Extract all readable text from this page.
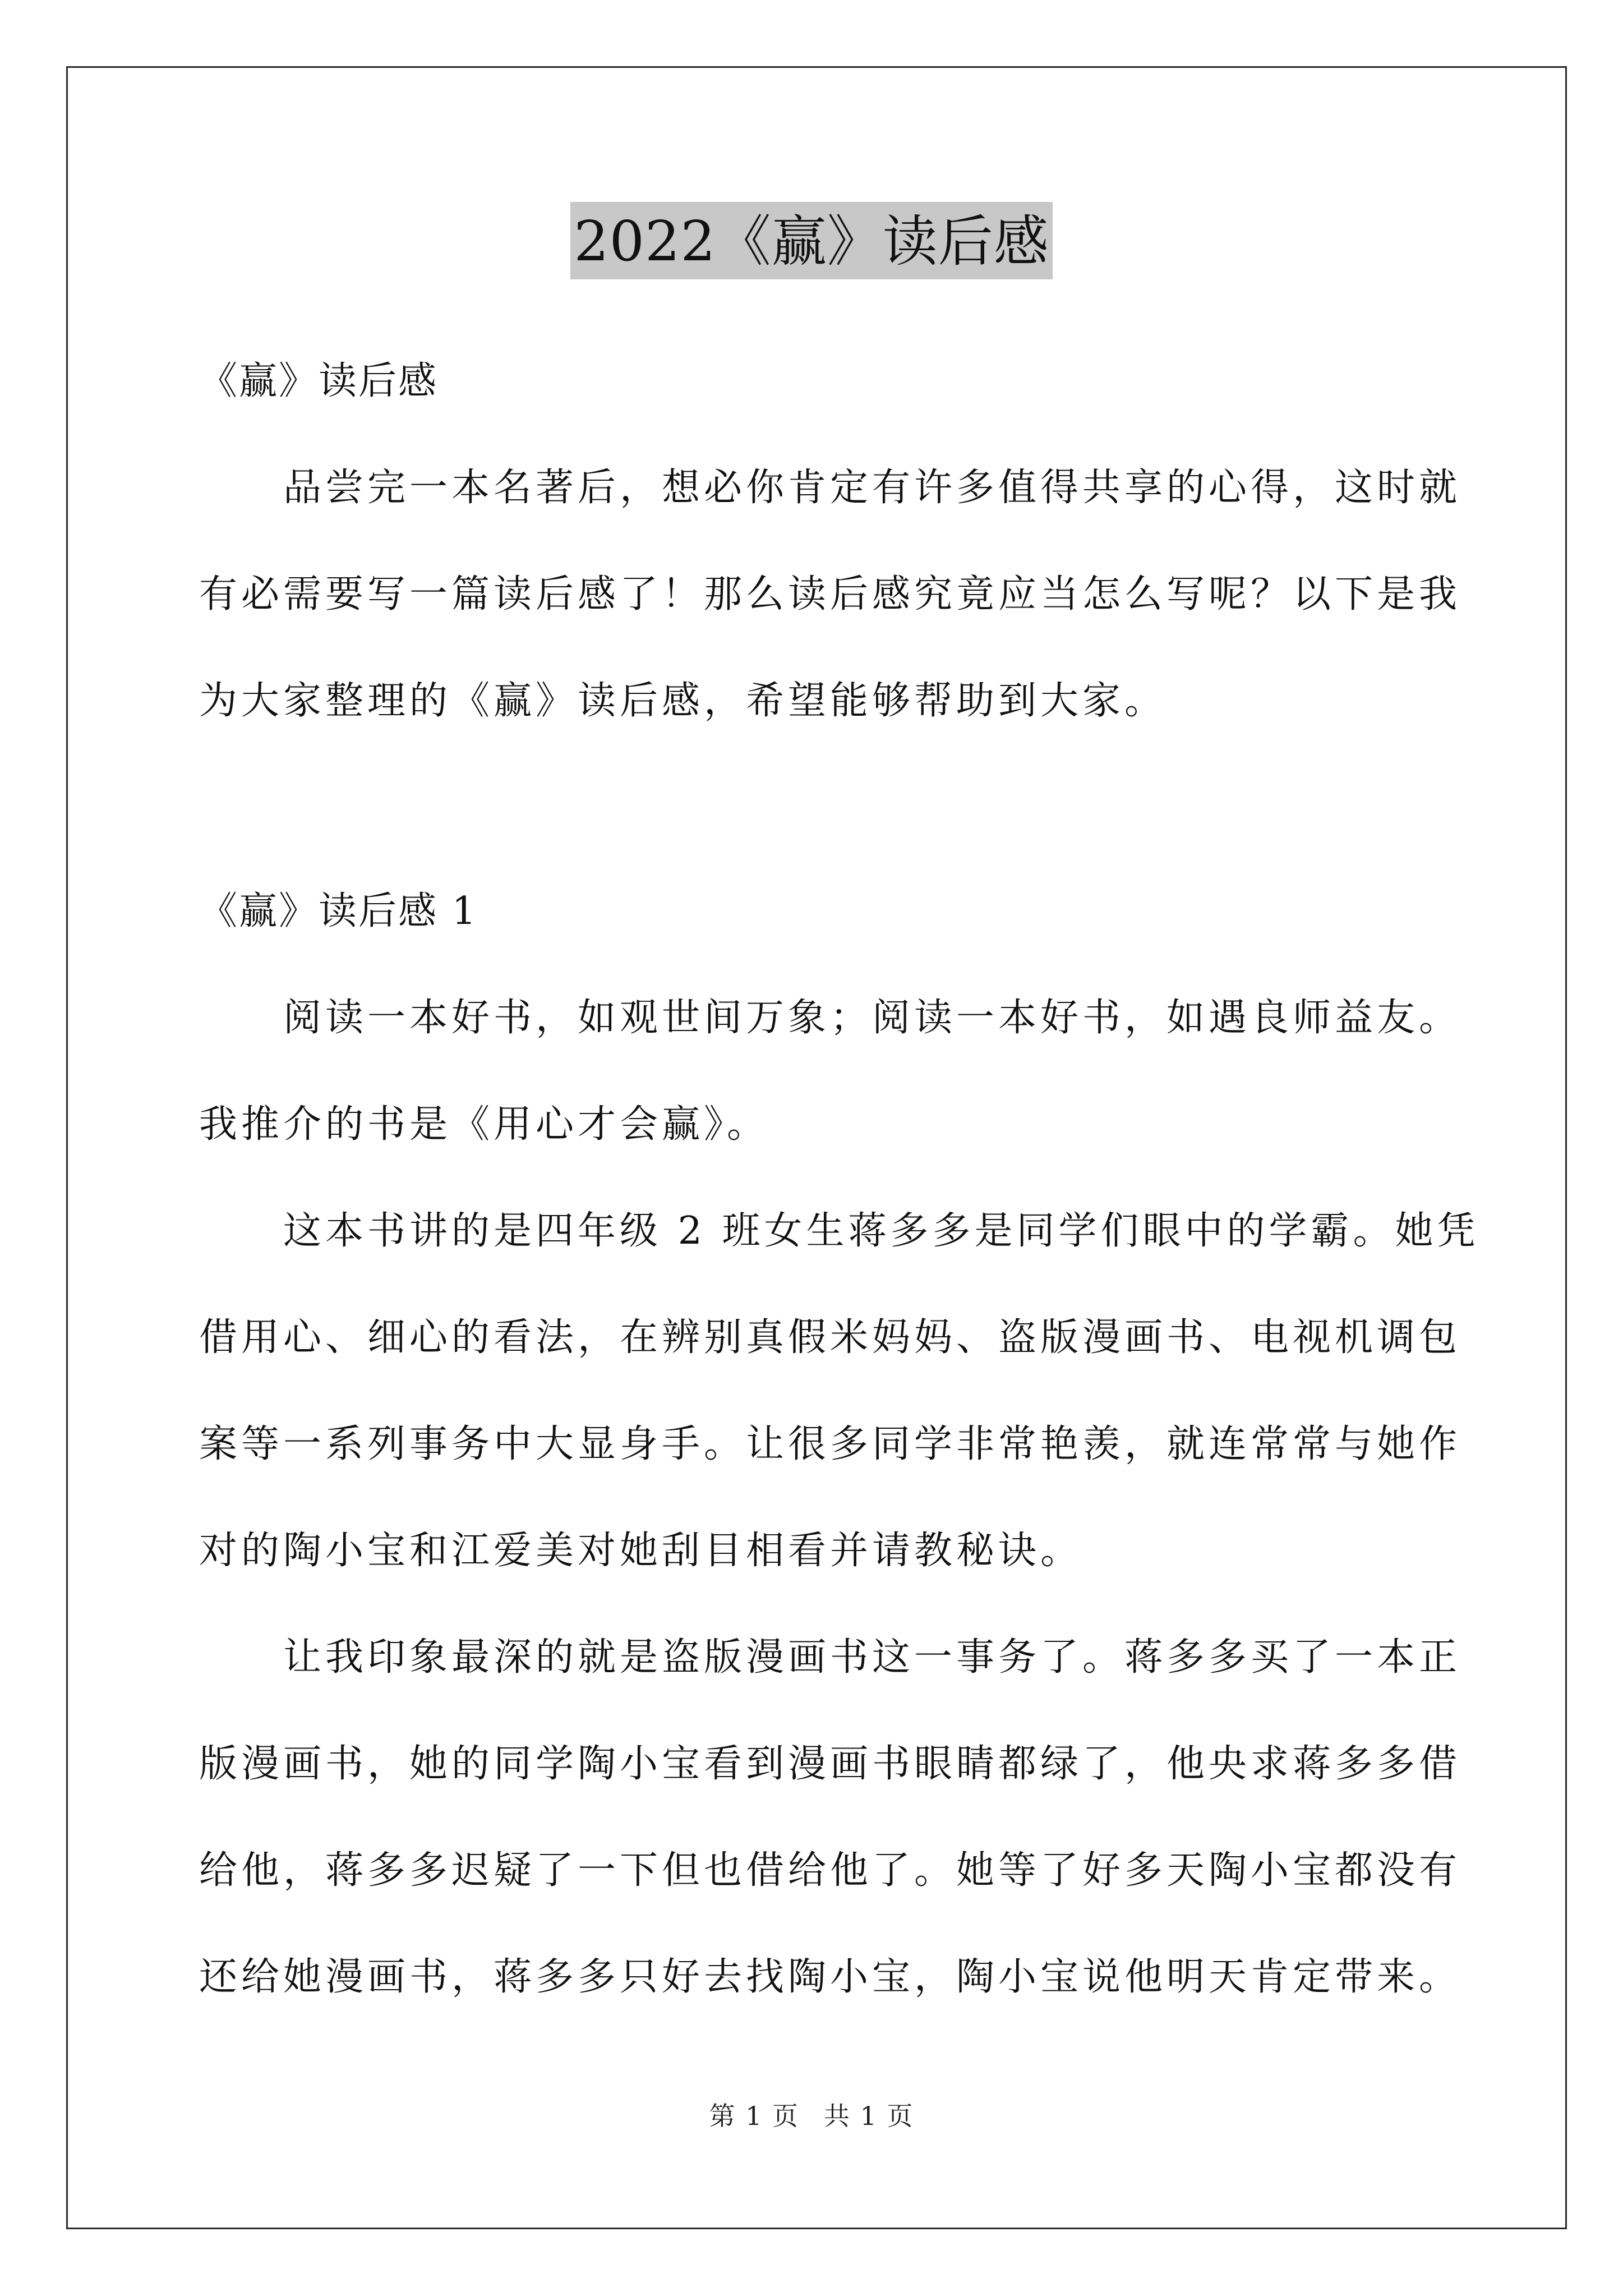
2022《赢》读后感
《赢》读后感
品尝完一本名著后，想必你肯定有许多值得共享的心得，这时就
有必需要写一篇读后感了！那么读后感究竟应当怎么写呢？以下是我
为大家整理的《赢》读后感，希望能够帮助到大家。
《赢》读后感 1
阅读一本好书，如观世间万象；阅读一本好书，如遇良师益友。
我推介的书是《用心才会赢》。
这本书讲的是四年级 2 班女生蒋多多是同学们眼中的学霸。她凭
借用心、细心的看法，在辨别真假米妈妈、盗版漫画书、电视机调包
案等一系列事务中大显身手。让很多同学非常艳羡，就连常常与她作
对的陶小宝和江爱美对她刮目相看并请教秘诀。
让我印象最深的就是盗版漫画书这一事务了。蒋多多买了一本正
版漫画书，她的同学陶小宝看到漫画书眼睛都绿了，他央求蒋多多借
给他，蒋多多迟疑了一下但也借给他了。她等了好多天陶小宝都没有
还给她漫画书，蒋多多只好去找陶小宝，陶小宝说他明天肯定带来。
第 1 页 共 1 页
